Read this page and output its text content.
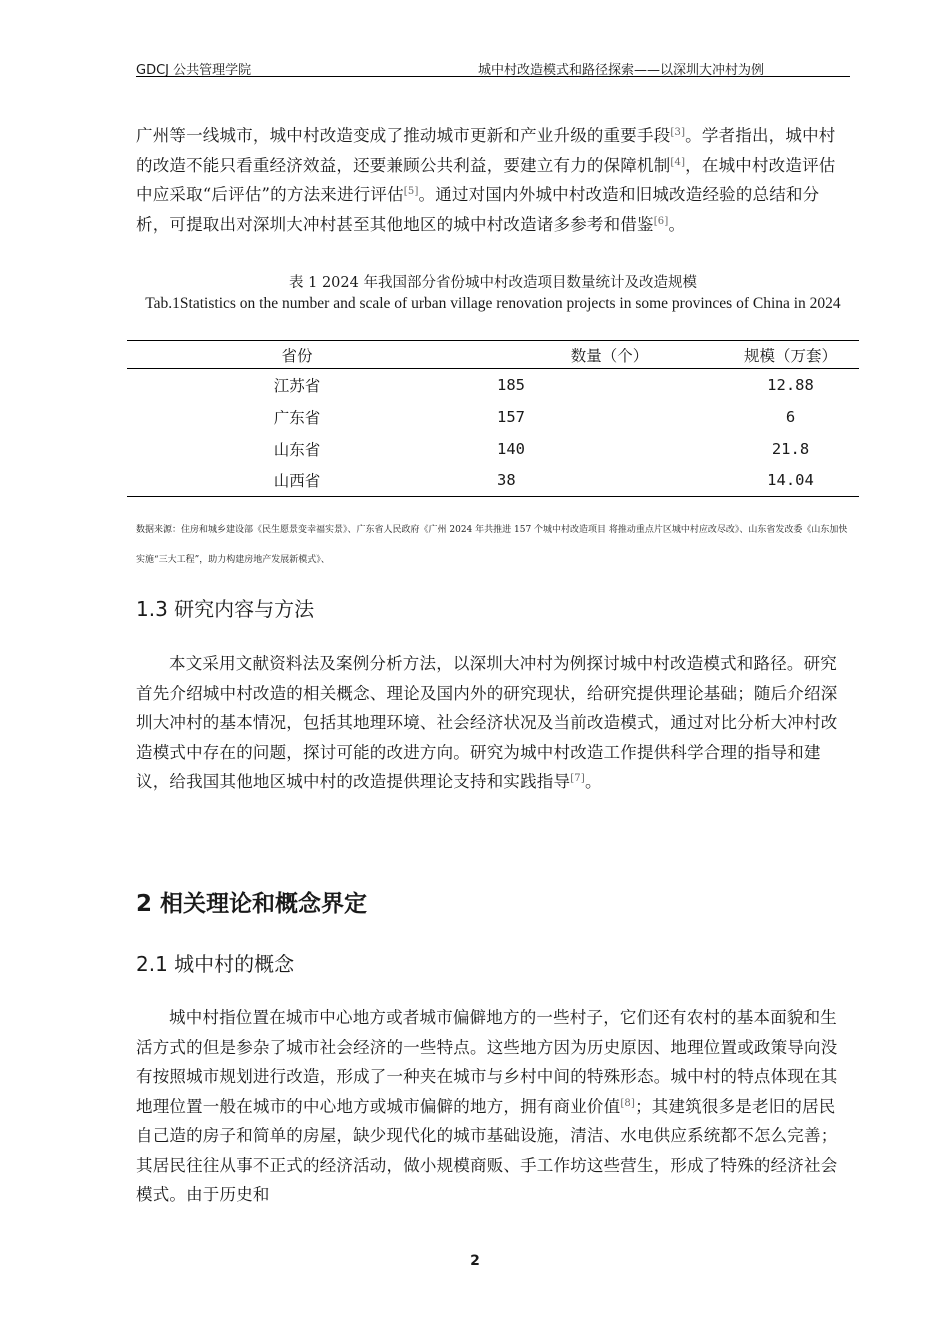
GDCJ 公共管理学院	城中村改造模式和路径探索——以深圳大冲村为例

广州等一线城市，城中村改造变成了推动城市更新和产业升级的重要手段[3]。学者指出，城中村的改造不能只看重经济效益，还要兼顾公共利益，要建立有力的保障机制[4]，在城中村改造评估中应采取“后评估”的方法来进行评估[5]。通过对国内外城中村改造和旧城改造经验的总结和分析，可提取出对深圳大冲村甚至其他地区的城中村改造诸多参考和借鉴[6]。

表 1 2024 年我国部分省份城中村改造项目数量统计及改造规模
Tab.1Statistics on the number and scale of urban village renovation projects in some provinces of China in 2024
省份	数量（个）	规模（万套）
江苏省	185	12.88
广东省	157	6
山东省	140	21.8
山西省	38	14.04

数据来源：住房和城乡建设部《民生愿景变幸福实景》、广东省人民政府《广州 2024 年共推进 157 个城中村改造项目 将推动重点片区城中村应改尽改》、山东省发改委《山东加快实施“三大工程”，助力构建房地产发展新模式》、

1.3 研究内容与方法

本文采用文献资料法及案例分析方法，以深圳大冲村为例探讨城中村改造模式和路径。研究首先介绍城中村改造的相关概念、理论及国内外的研究现状，给研究提供理论基础；随后介绍深圳大冲村的基本情况，包括其地理环境、社会经济状况及当前改造模式，通过对比分析大冲村改造模式中存在的问题，探讨可能的改进方向。研究为城中村改造工作提供科学合理的指导和建议，给我国其他地区城中村的改造提供理论支持和实践指导[7]。

2 相关理论和概念界定
2.1 城中村的概念

城中村指位置在城市中心地方或者城市偏僻地方的一些村子，它们还有农村的基本面貌和生活方式的但是参杂了城市社会经济的一些特点。这些地方因为历史原因、地理位置或政策导向没有按照城市规划进行改造，形成了一种夹在城市与乡村中间的特殊形态。城中村的特点体现在其地理位置一般在城市的中心地方或城市偏僻的地方，拥有商业价值[8]；其建筑很多是老旧的居民自己造的房子和简单的房屋，缺少现代化的城市基础设施，清洁、水电供应系统都不怎么完善；其居民往往从事不正式的经济活动，做小规模商贩、手工作坊这些营生，形成了特殊的经济社会模式。由于历史和

2
